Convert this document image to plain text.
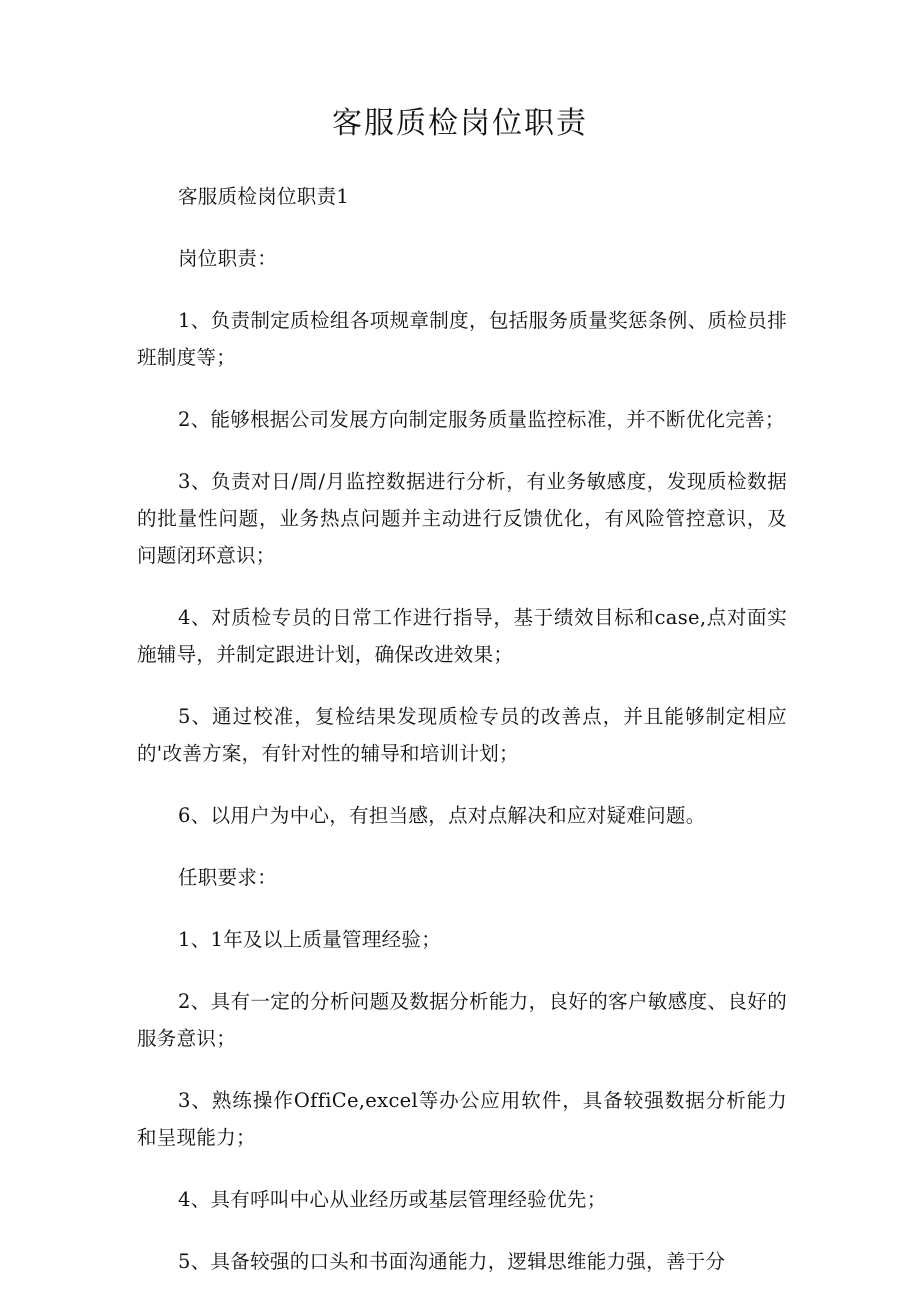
客服质检岗位职责

客服质检岗位职责1

岗位职责：

1、负责制定质检组各项规章制度，包括服务质量奖惩条例、质检员排班制度等；

2、能够根据公司发展方向制定服务质量监控标准，并不断优化完善；

3、负责对日/周/月监控数据进行分析，有业务敏感度，发现质检数据的批量性问题，业务热点问题并主动进行反馈优化，有风险管控意识，及问题闭环意识；

4、对质检专员的日常工作进行指导，基于绩效目标和case,点对面实施辅导，并制定跟进计划，确保改进效果；

5、通过校准，复检结果发现质检专员的改善点，并且能够制定相应的'改善方案，有针对性的辅导和培训计划；

6、以用户为中心，有担当感，点对点解决和应对疑难问题。

任职要求：

1、1年及以上质量管理经验；

2、具有一定的分析问题及数据分析能力，良好的客户敏感度、良好的服务意识；

3、熟练操作OffiCe,excel等办公应用软件，具备较强数据分析能力和呈现能力；

4、具有呼叫中心从业经历或基层管理经验优先；

5、具备较强的口头和书面沟通能力，逻辑思维能力强，善于分
